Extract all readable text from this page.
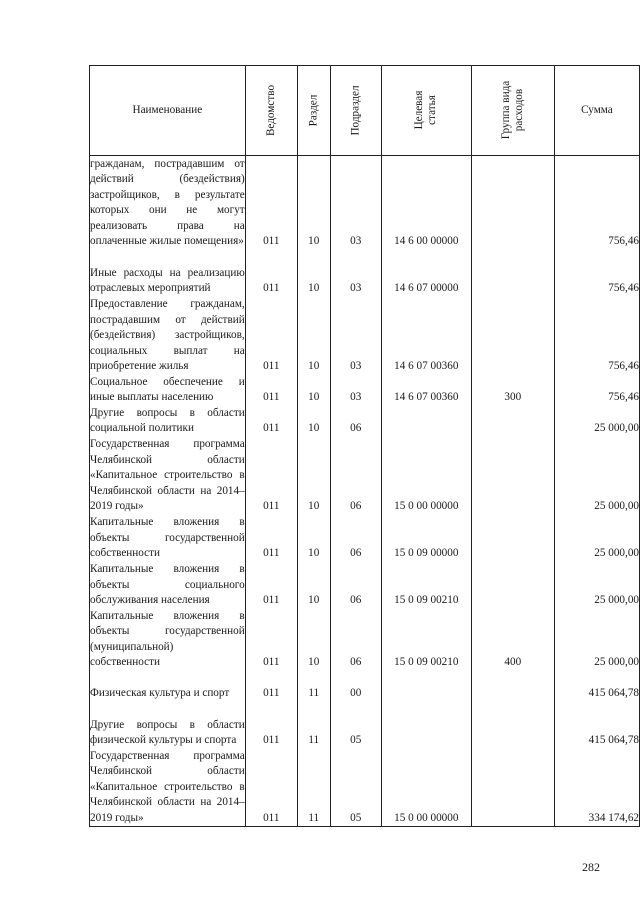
Наименование	Ведомство	Раздел	Подраздел	Целевая статья	Группа вида расходов	Сумма
гражданам, пострадавшим от действий (бездействия) застройщиков, в результате которых они не могут реализовать права на оплаченные жилые помещения»	011	10	03	14 6 00 00000		756,46
Иные расходы на реализацию отраслевых мероприятий	011	10	03	14 6 07 00000		756,46
Предоставление гражданам, пострадавшим от действий (бездействия) застройщиков, социальных выплат на приобретение жилья	011	10	03	14 6 07 00360		756,46
Социальное обеспечение и иные выплаты населению	011	10	03	14 6 07 00360	300	756,46
Другие вопросы в области социальной политики	011	10	06			25 000,00
Государственная программа Челябинской области «Капитальное строительство в Челябинской области на 2014–2019 годы»	011	10	06	15 0 00 00000		25 000,00
Капитальные вложения в объекты государственной собственности	011	10	06	15 0 09 00000		25 000,00
Капитальные вложения в объекты социального обслуживания населения	011	10	06	15 0 09 00210		25 000,00
Капитальные вложения в объекты государственной (муниципальной) собственности	011	10	06	15 0 09 00210	400	25 000,00
Физическая культура и спорт	011	11	00			415 064,78
Другие вопросы в области физической культуры и спорта	011	11	05			415 064,78
Государственная программа Челябинской области «Капитальное строительство в Челябинской области на 2014–2019 годы»	011	11	05	15 0 00 00000		334 174,62
282
